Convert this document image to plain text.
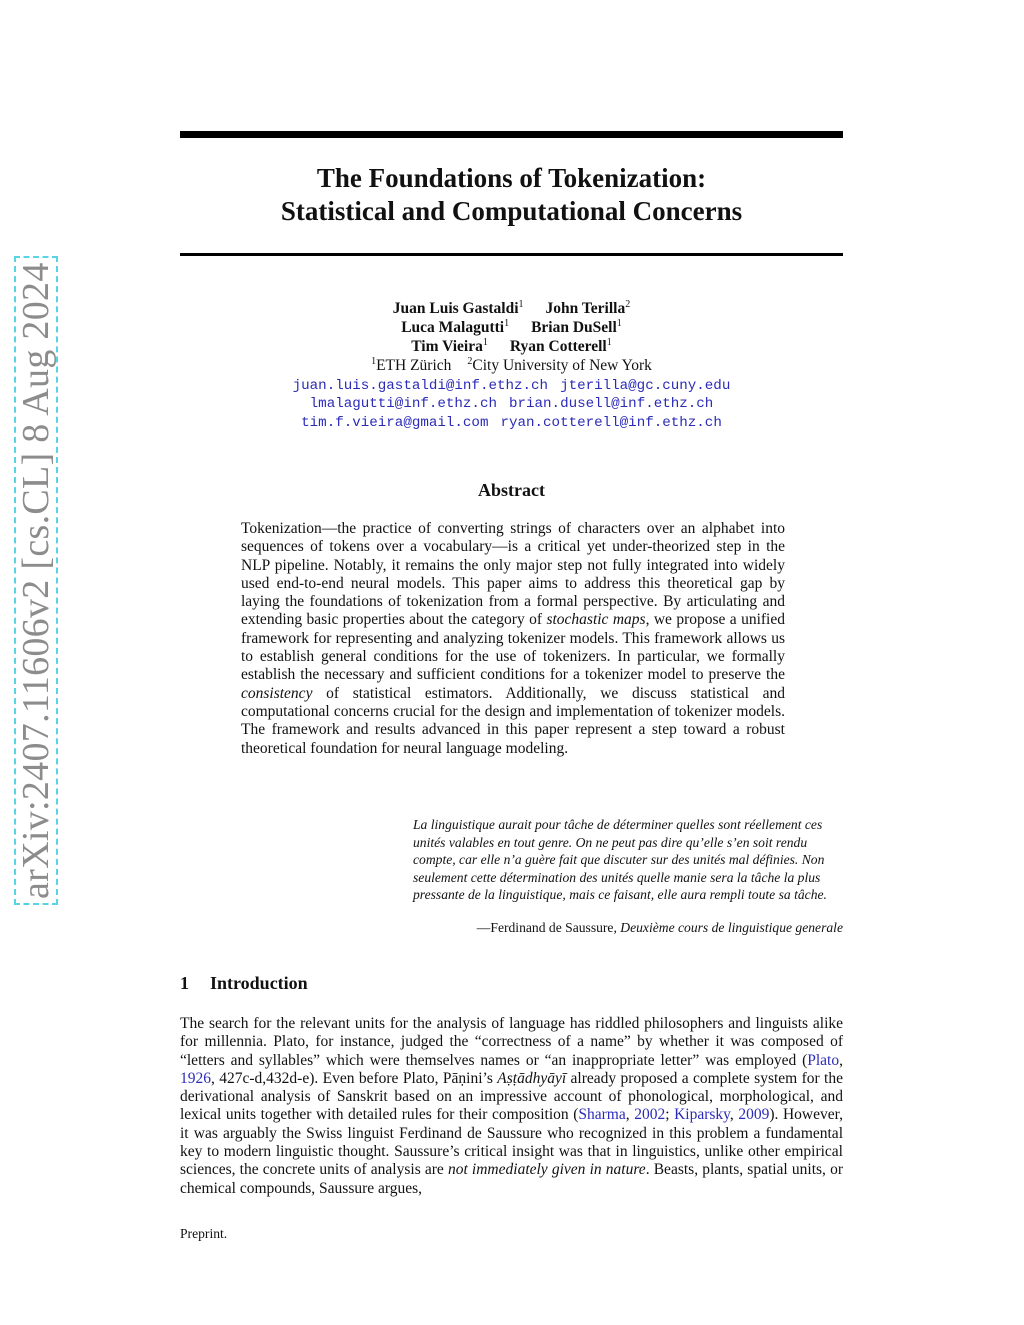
arXiv:2407.11606v2 [cs.CL] 8 Aug 2024
The Foundations of Tokenization:
Statistical and Computational Concerns
Juan Luis Gastaldi$^1$ John Terilla$^2$
Luca Malagutti$^1$ Brian DuSell$^1$
Tim Vieira$^1$ Ryan Cotterell$^1$
$^1$ETH Zürich $^2$City University of New York
juan.luis.gastaldi@inf.ethz.ch jterilla@gc.cuny.edu
lmalagutti@inf.ethz.ch brian.dusell@inf.ethz.ch
tim.f.vieira@gmail.com ryan.cotterell@inf.ethz.ch
Abstract

Tokenization—the practice of converting strings of characters over an alphabet into sequences of tokens over a vocabulary—is a critical yet under-theorized step in the NLP pipeline. Notably, it remains the only major step not fully integrated into widely used end-to-end neural models. This paper aims to address this theoretical gap by laying the foundations of tokenization from a formal perspective. By articulating and extending basic properties about the category of stochastic maps, we propose a unified framework for representing and analyzing tokenizer models. This framework allows us to establish general conditions for the use of tokenizers. In particular, we formally establish the necessary and sufficient conditions for a tokenizer model to preserve the consistency of statistical estimators. Additionally, we discuss statistical and computational concerns crucial for the design and implementation of tokenizer models. The framework and results advanced in this paper represent a step toward a robust theoretical foundation for neural language modeling.

La linguistique aurait pour tâche de déterminer quelles sont réellement ces unités valables en tout genre. On ne peut pas dire qu’elle s’en soit rendu compte, car elle n’a guère fait que discuter sur des unités mal définies. Non seulement cette détermination des unités quelle manie sera la tâche la plus pressante de la linguistique, mais ce faisant, elle aura rempli toute sa tâche.

—Ferdinand de Saussure, Deuxième cours de linguistique generale
1 Introduction

The search for the relevant units for the analysis of language has riddled philosophers and linguists alike for millennia. Plato, for instance, judged the “correctness of a name” by whether it was composed of “letters and syllables” which were themselves names or “an inappropriate letter” was employed (Plato, 1926, 427c-d,432d-e). Even before Plato, Pāṇini’s Aṣṭādhyāyī already proposed a complete system for the derivational analysis of Sanskrit based on an impressive account of phonological, morphological, and lexical units together with detailed rules for their composition (Sharma, 2002; Kiparsky, 2009). However, it was arguably the Swiss linguist Ferdinand de Saussure who recognized in this problem a fundamental key to modern linguistic thought. Saussure’s critical insight was that in linguistics, unlike other empirical sciences, the concrete units of analysis are not immediately given in nature. Beasts, plants, spatial units, or chemical compounds, Saussure argues,

Preprint.
